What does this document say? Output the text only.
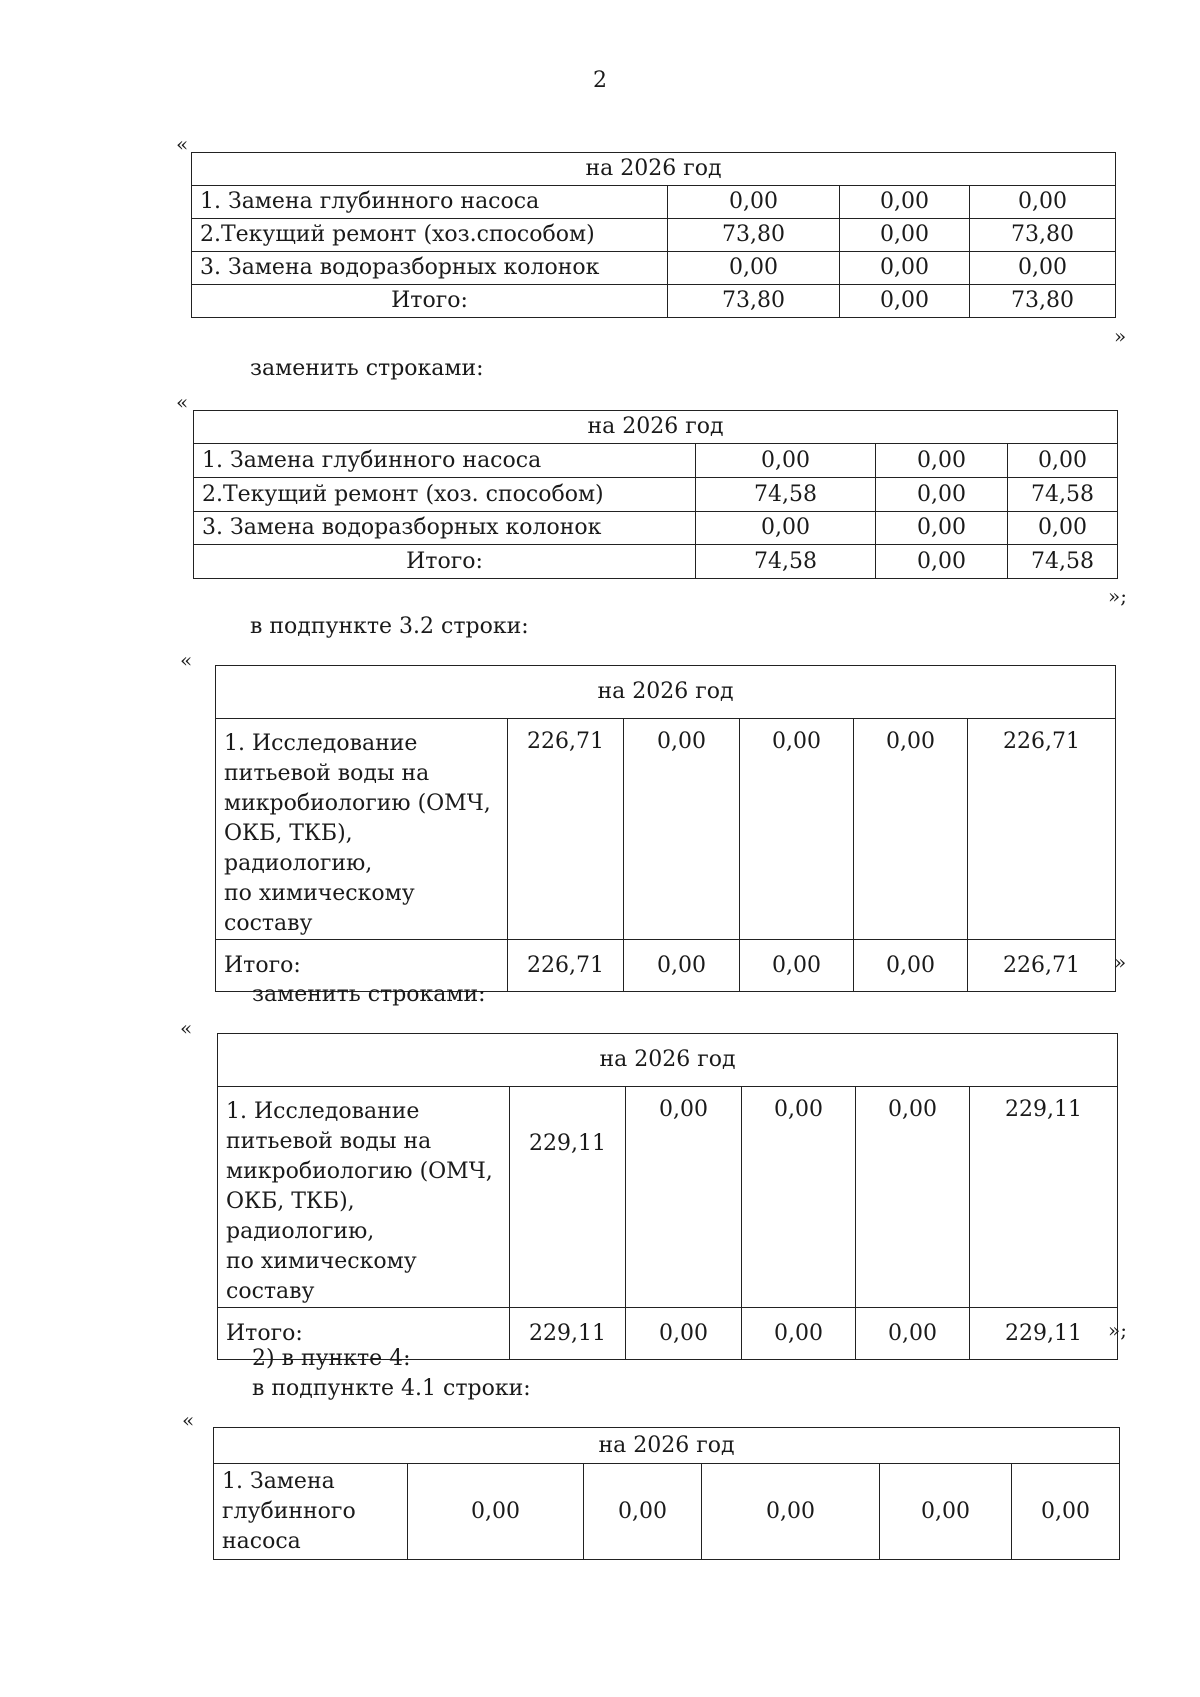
2
«
на 2026 год			
1. Замена глубинного насоса	0,00	0,00	0,00
2.Текущий ремонт (хоз.способом)	73,80	0,00	73,80
3. Замена водоразборных колонок	0,00	0,00	0,00
Итого:	73,80	0,00	73,80
»
заменить строками:
«
на 2026 год			
1. Замена глубинного насоса	0,00	0,00	0,00
2.Текущий ремонт (хоз. способом)	74,58	0,00	74,58
3. Замена водоразборных колонок	0,00	0,00	0,00
Итого:	74,58	0,00	74,58
»;
в подпункте 3.2 строки:
«
на 2026 год					

1. Исследование
питьевой воды на
микробиологию (ОМЧ,
ОКБ, ТКБ), радиологию,
по химическому составу	226,71	0,00	0,00	0,00	226,71
Итого:	226,71	0,00	0,00	0,00	226,71 »
заменить строками:
«
на 2026 год					

1. Исследование
питьевой воды на
микробиологию (ОМЧ,
ОКБ, ТКБ), радиологию,
по химическому составу	229,11	0,00	0,00	0,00	229,11
Итого:	229,11	0,00	0,00	0,00	229,11 »;
2) в пункте 4:
в подпункте 4.1 строки:
«
на 2026 год

1. Замена
глубинного
насоса
	0,00	0,00	0,00	0,00	0,00
